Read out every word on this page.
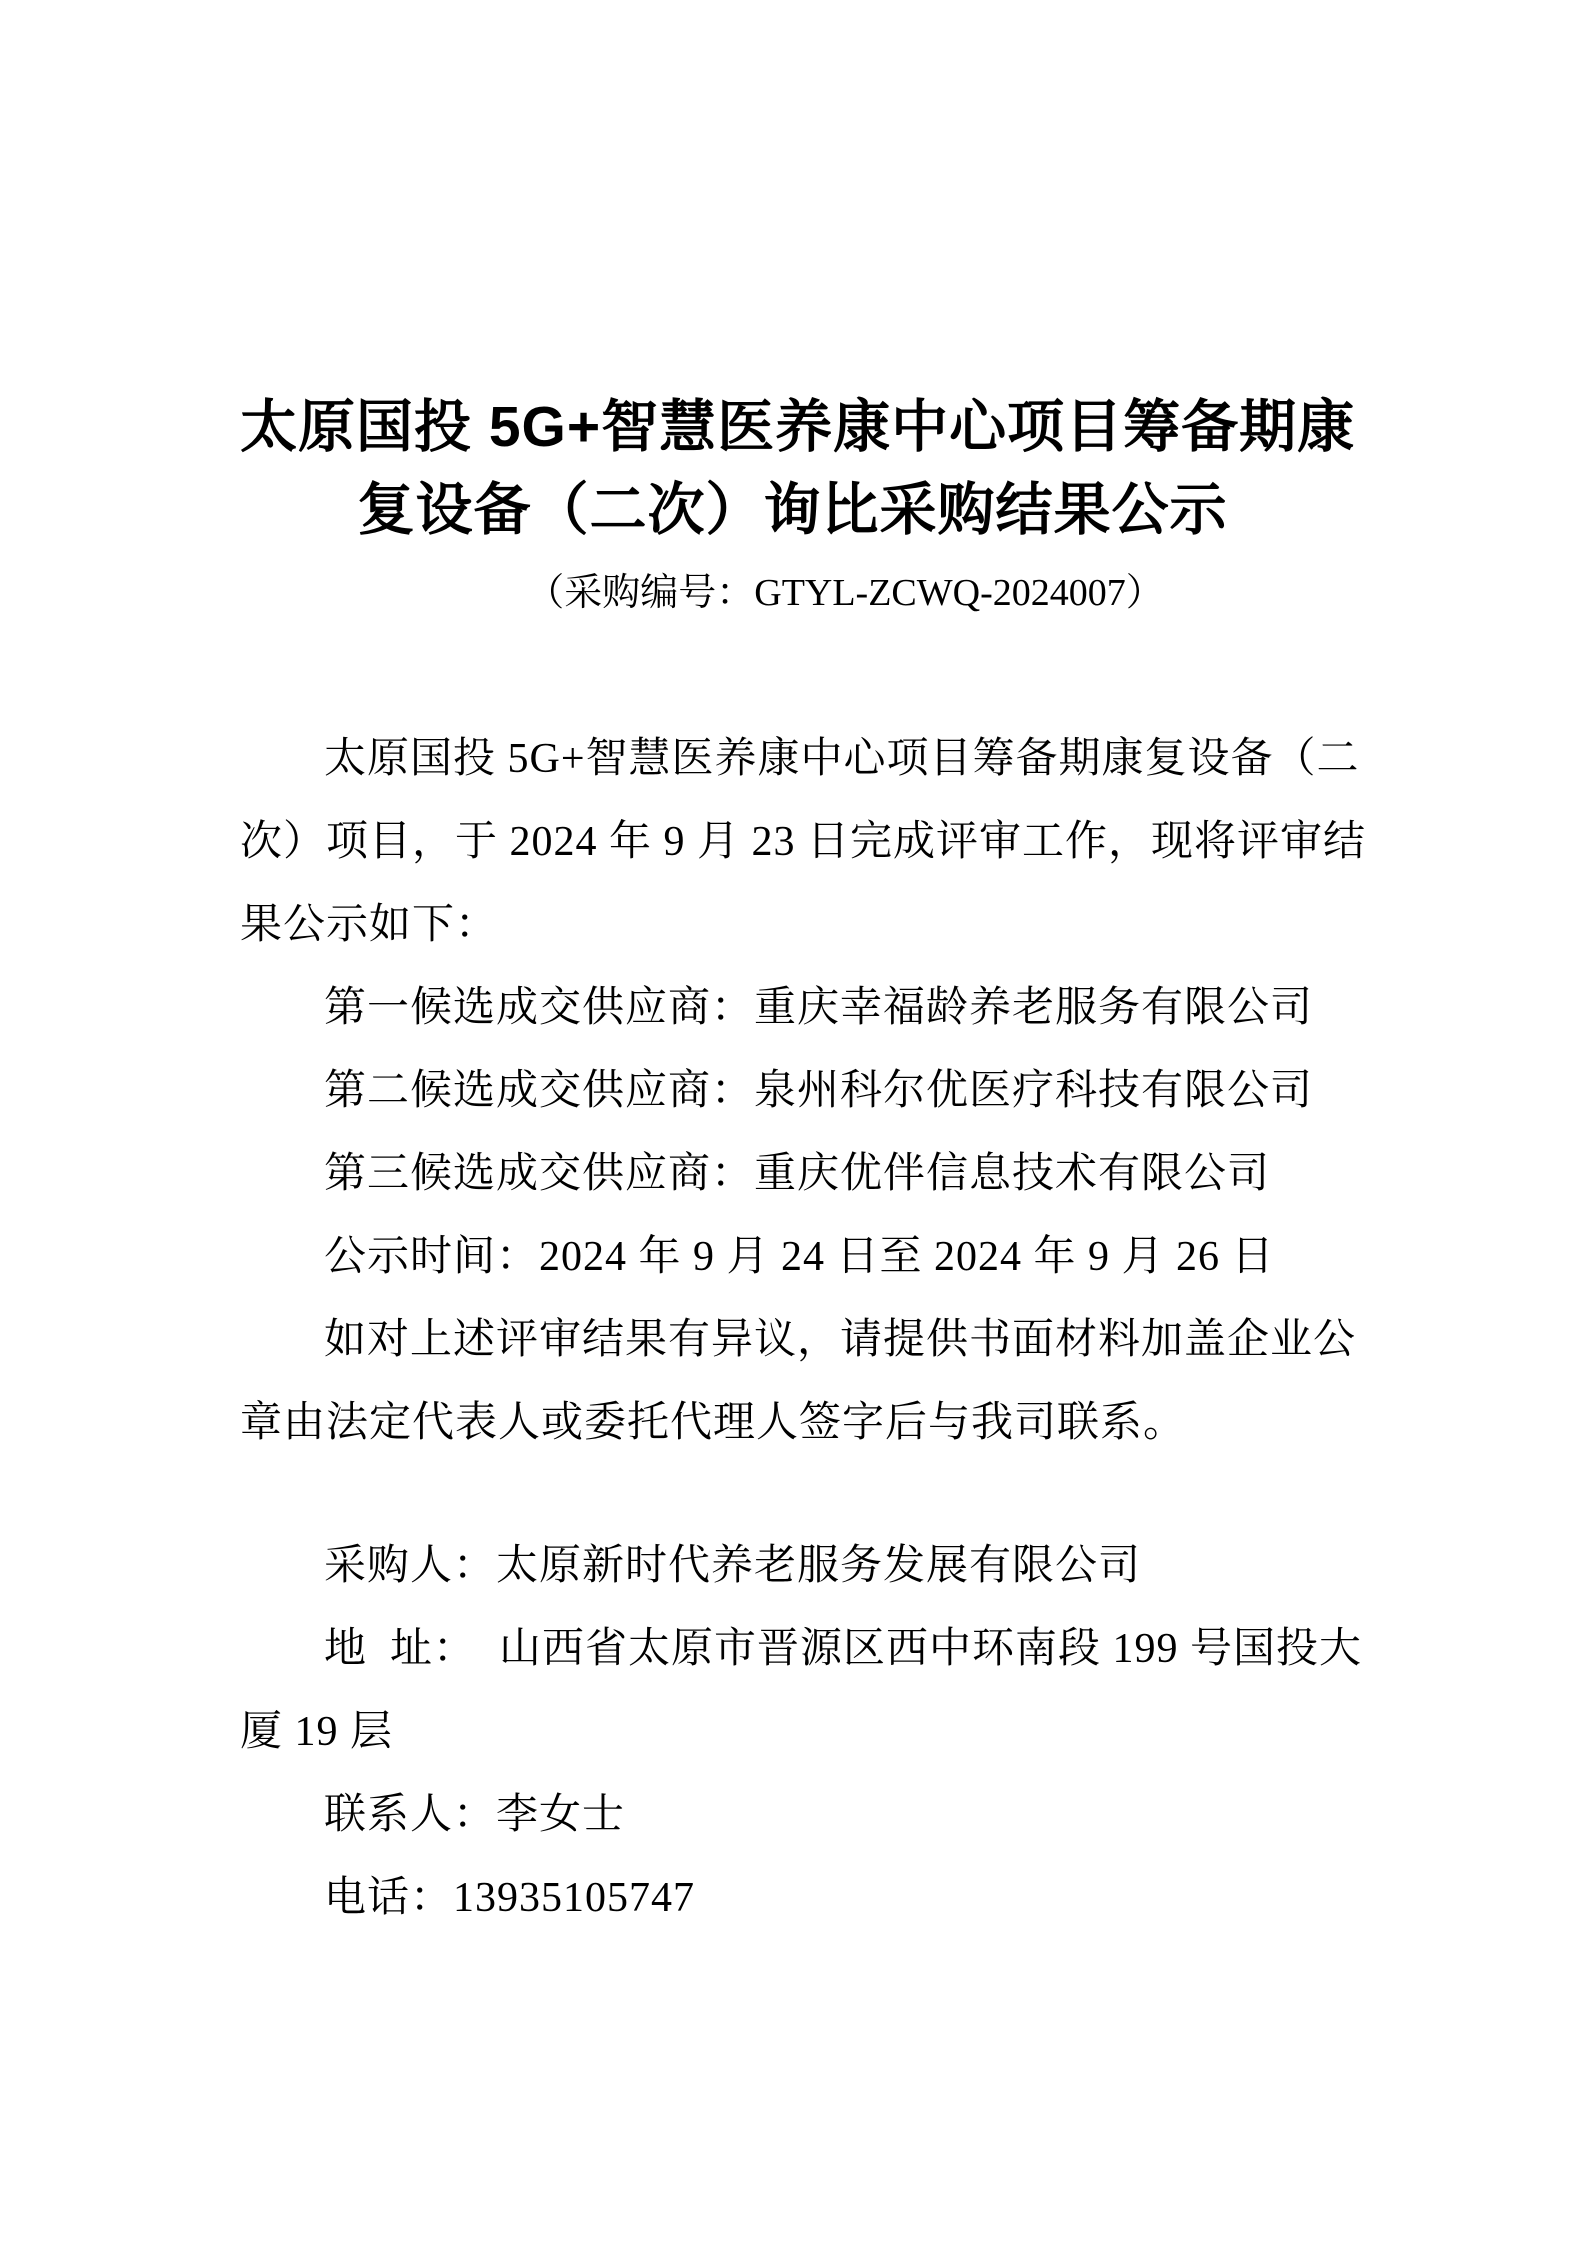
太原国投 5G+智慧医养康中心项目筹备期康
复设备（二次）询比采购结果公示
（采购编号：GTYL-ZCWQ-2024007）
太原国投 5G+智慧医养康中心项目筹备期康复设备（二
次）项目，于 2024 年 9 月 23 日完成评审工作，现将评审结
果公示如下：
第一候选成交供应商：重庆幸福龄养老服务有限公司
第二候选成交供应商：泉州科尔优医疗科技有限公司
第三候选成交供应商：重庆优伴信息技术有限公司
公示时间：2024 年 9 月 24 日至 2024 年 9 月 26 日
如对上述评审结果有异议，请提供书面材料加盖企业公
章由法定代表人或委托代理人签字后与我司联系。
采购人：太原新时代养老服务发展有限公司
地  址：  山西省太原市晋源区西中环南段 199 号国投大
厦 19 层
联系人：李女士
电话：13935105747
